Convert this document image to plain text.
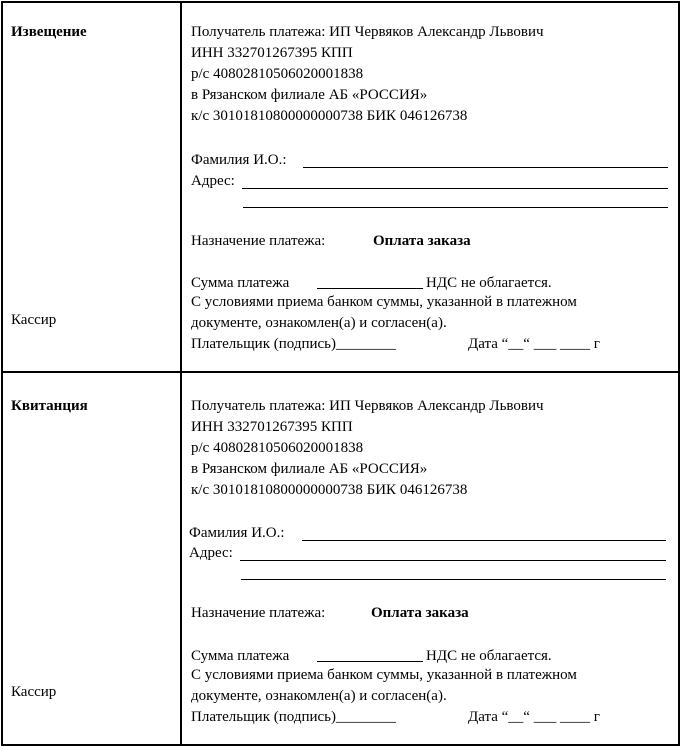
Извещение
Кассир
Получатель платежа: ИП Червяков Александр Львович
ИНН 332701267395 КПП
р/с 40802810506020001838
в Рязанском филиале АБ «РОССИЯ»
к/с 30101810800000000738 БИК 046126738
Фамилия И.О.:
Адрес:
Назначение платежа:	Оплата заказа
Сумма платежа	НДС не облагается.
С условиями приема банком суммы, указанной в платежном
документе, ознакомлен(а) и согласен(а).
Плательщик (подпись)________	Дата “__“ ___ ____ г
Квитанция
Кассир
Получатель платежа: ИП Червяков Александр Львович
ИНН 332701267395 КПП
р/с 40802810506020001838
в Рязанском филиале АБ «РОССИЯ»
к/с 30101810800000000738 БИК 046126738
Фамилия И.О.:
Адрес:
Назначение платежа:	Оплата заказа
Сумма платежа	НДС не облагается.
С условиями приема банком суммы, указанной в платежном
документе, ознакомлен(а) и согласен(а).
Плательщик (подпись)________	Дата “__“ ___ ____ г
